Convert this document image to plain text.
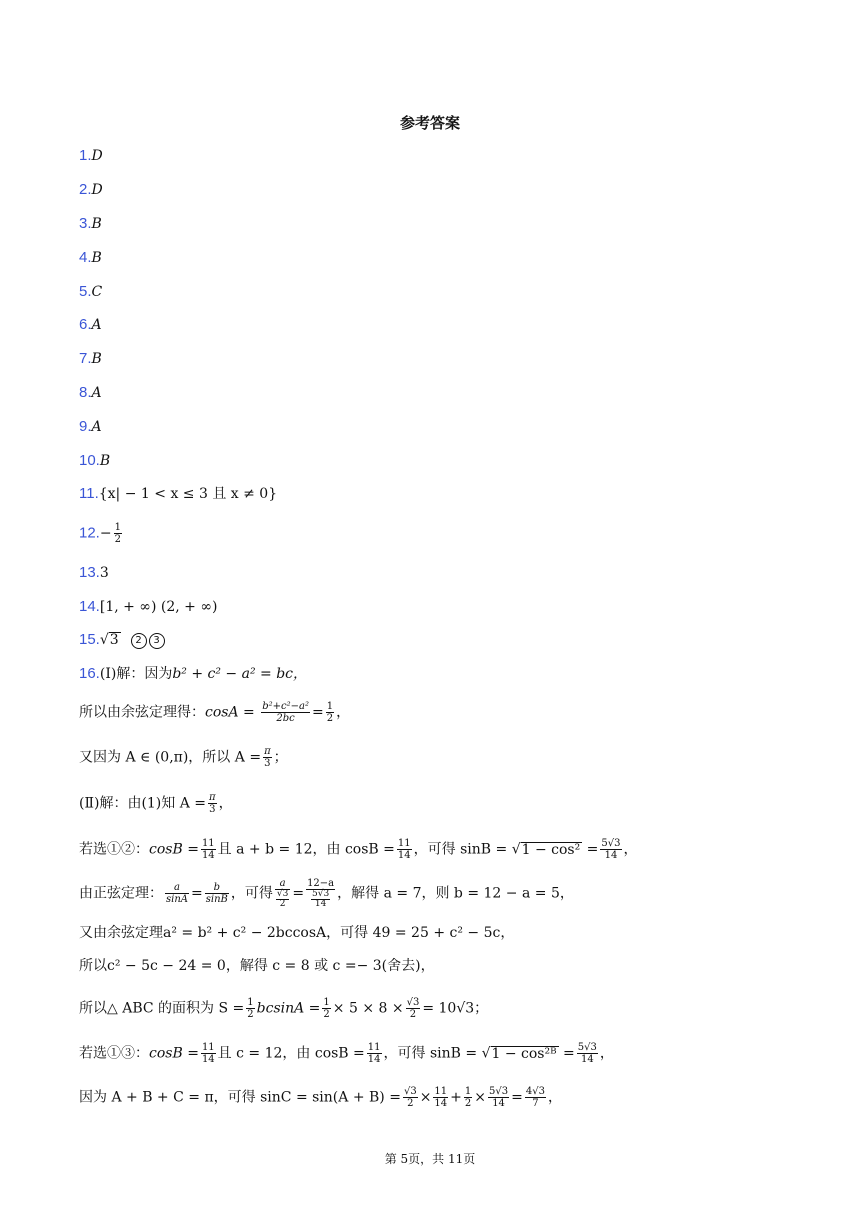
参考答案
1.D
2.D
3.B
4.B
5.C
6.A
7.B
8.A
9.A
10.B
11.{x| − 1 < x ≤ 3 且 x ≠ 0}
$12.- \frac{1}{2}$
13.3
14.[1, + ∞) (2, + ∞)
15.√3 2 3
16.(Ⅰ)解：因为b² + c² − a² = bc，
所以由余弦定理得：$\cos A = \frac{\text{b²+c²−a²}}{2bc} = \frac{1}{2}$ ，
又因为 A ∈ (0,π)，所以 $A = \frac{\pi}{3}$ ；
(Ⅱ)解：由(1)知 $A = \frac{\pi}{3}$ ，
若选①②：$\cos B = \frac{11}{14}$ 且 a + b = 12，由 $\cos B = \frac{11}{14}$ ，可得 $\sin B = √1 - \cos^2 = \frac{5√3}{14}$ ，
由正弦定理： $\frac{a}{\sin A} = \frac{b}{\sin B}$ ，可得 $\frac{a}{\frac{√3}{2}} = \frac{12-a}{\frac{5√3}{14}}$ ，解得 a = 7，则 b = 12 − a = 5，
又由余弦定理a² = b² + c² − 2bccosA，可得 49 = 25 + c² − 5c，
所以c² − 5c − 24 = 0，解得 c = 8 或 c =− 3(舍去)，
所以△ ABC 的面积为 $S = \frac{1}{2}$ $bcsinA = \frac{1}{2} \times 5 \times 8 \times \frac{√3}{2} = 10√3$；
若选①③：$\cos B = \frac{11}{14}$ 且 c = 12，由 $\cos B = \frac{11}{14}$ ，可得 sinB = √1 − cos²ᴮ = $\frac{5√3}{14}$ ，
因为 A + B + C = π，可得 $\sin C = \sin(A + B) = \frac{√3}{2} \times \frac{11}{14} + \frac{1}{2} \times \frac{5√3}{14} = \frac{4√3}{7}$ ，
第 5页，共 11页
